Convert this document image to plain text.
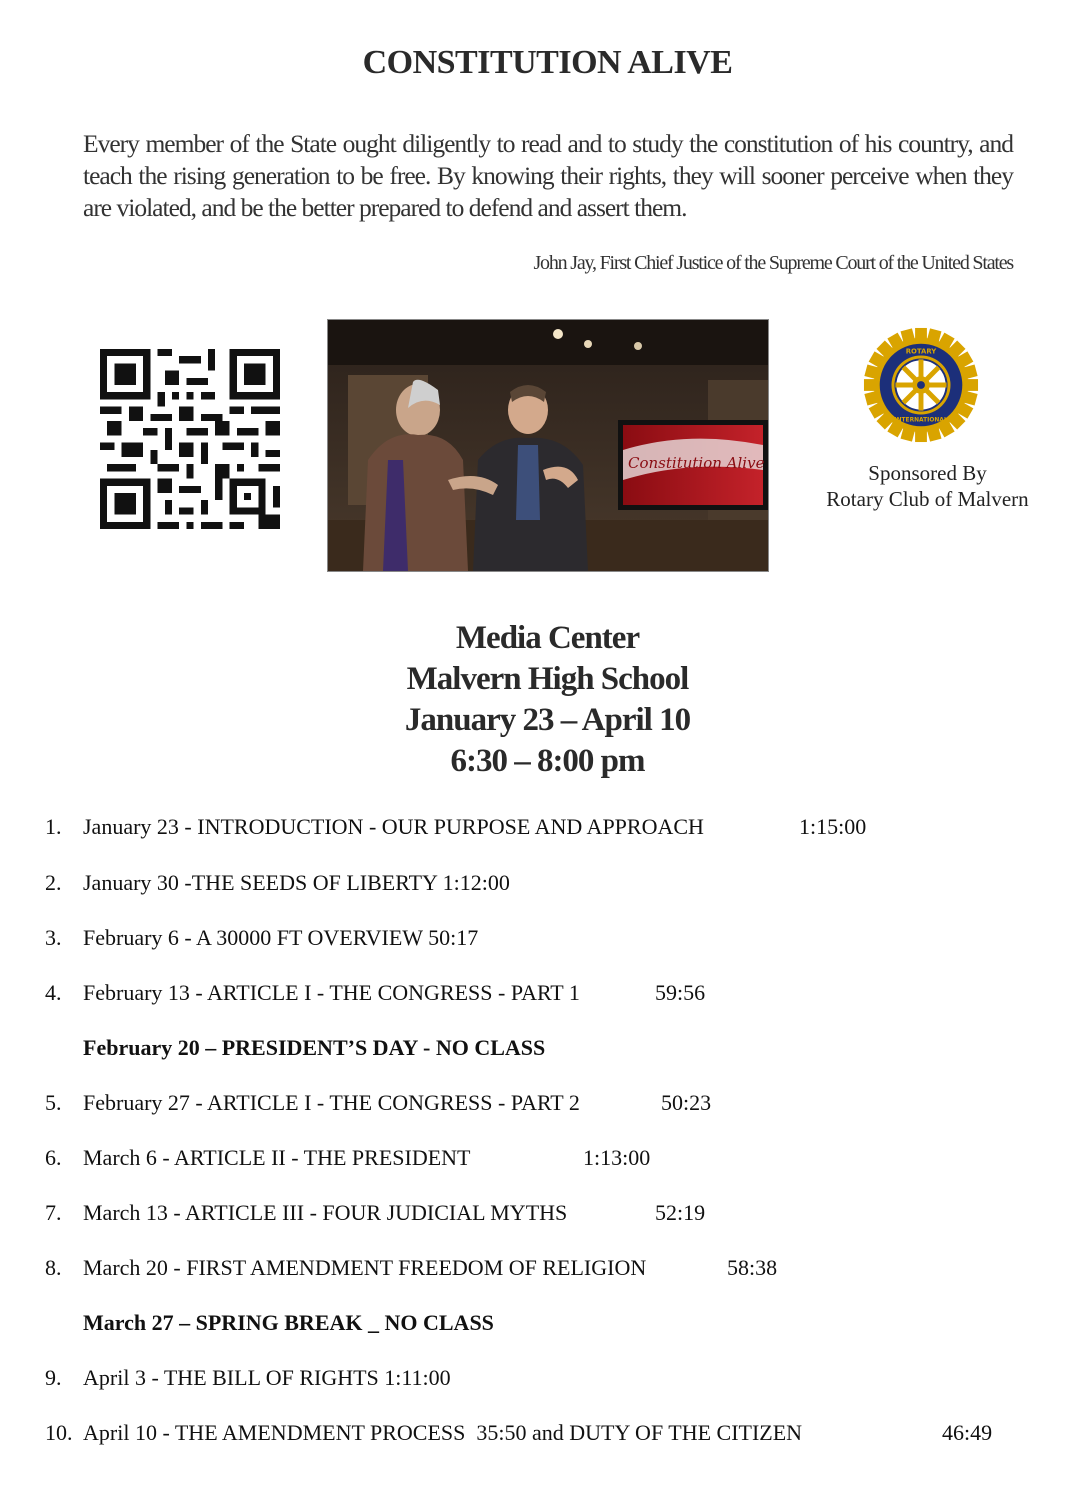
CONSTITUTION ALIVE
Every member of the State ought diligently to read and to study the constitution of his country, and teach the rising generation to be free. By knowing their rights, they will sooner perceive when they are violated, and be the better prepared to defend and assert them.
John Jay, First Chief Justice of the Supreme Court of the United States
Constitution Alive
ROTARY
INTERNATIONAL
Sponsored By
Rotary Club of Malvern
Media Center
Malvern High School
January 23 – April 10
6:30 – 8:00 pm
1. January 23 - INTRODUCTION - OUR PURPOSE AND APPROACH	1:15:00
2. January 30 -THE SEEDS OF LIBERTY 1:12:00
3. February 6 - A 30000 FT OVERVIEW 50:17
4. February 13 - ARTICLE I - THE CONGRESS - PART 1	59:56
February 20 – PRESIDENT’S DAY - NO CLASS
5. February 27 - ARTICLE I - THE CONGRESS - PART 2	50:23
6. March 6 - ARTICLE II - THE PRESIDENT	1:13:00
7. March 13 - ARTICLE III - FOUR JUDICIAL MYTHS	52:19
8. March 20 - FIRST AMENDMENT FREEDOM OF RELIGION	58:38
March 27 – SPRING BREAK _ NO CLASS
9. April 3 - THE BILL OF RIGHTS 1:11:00
10. April 10 - THE AMENDMENT PROCESS  35:50 and DUTY OF THE CITIZEN	46:49
